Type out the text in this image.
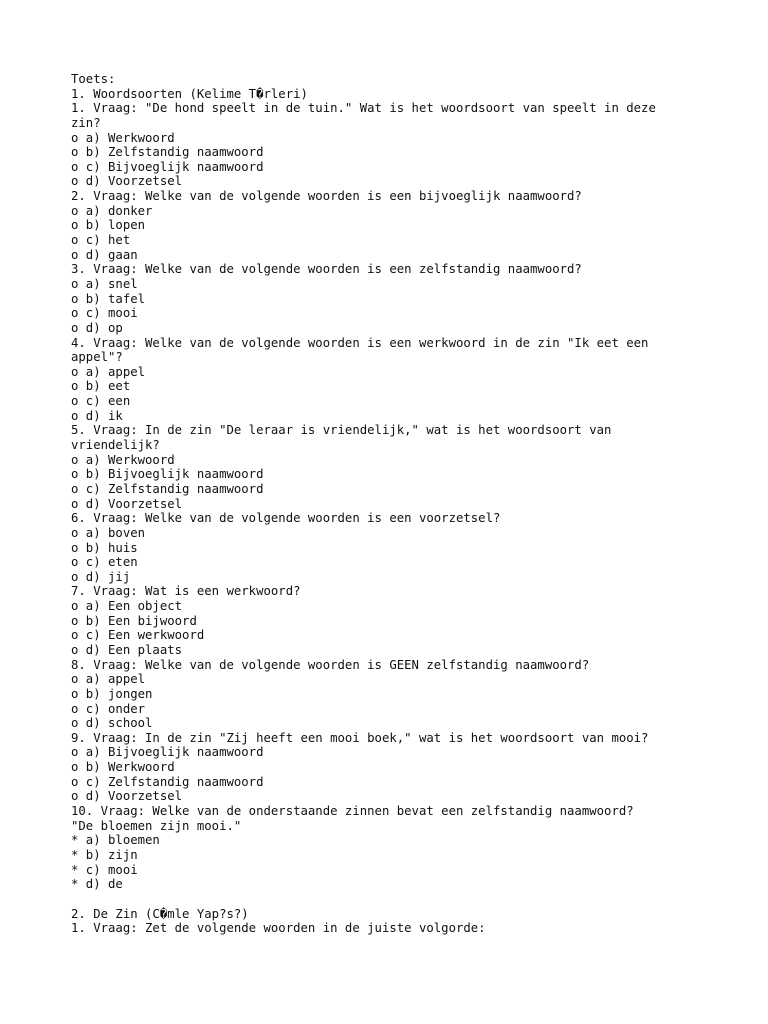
Toets:
1. Woordsoorten (Kelime T�rleri)
1. Vraag: "De hond speelt in de tuin." Wat is het woordsoort van speelt in deze
zin?
o a) Werkwoord
o b) Zelfstandig naamwoord
o c) Bijvoeglijk naamwoord
o d) Voorzetsel
2. Vraag: Welke van de volgende woorden is een bijvoeglijk naamwoord?
o a) donker
o b) lopen
o c) het
o d) gaan
3. Vraag: Welke van de volgende woorden is een zelfstandig naamwoord?
o a) snel
o b) tafel
o c) mooi
o d) op
4. Vraag: Welke van de volgende woorden is een werkwoord in de zin "Ik eet een
appel"?
o a) appel
o b) eet
o c) een
o d) ik
5. Vraag: In de zin "De leraar is vriendelijk," wat is het woordsoort van
vriendelijk?
o a) Werkwoord
o b) Bijvoeglijk naamwoord
o c) Zelfstandig naamwoord
o d) Voorzetsel
6. Vraag: Welke van de volgende woorden is een voorzetsel?
o a) boven
o b) huis
o c) eten
o d) jij
7. Vraag: Wat is een werkwoord?
o a) Een object
o b) Een bijwoord
o c) Een werkwoord
o d) Een plaats
8. Vraag: Welke van de volgende woorden is GEEN zelfstandig naamwoord?
o a) appel
o b) jongen
o c) onder
o d) school
9. Vraag: In de zin "Zij heeft een mooi boek," wat is het woordsoort van mooi?
o a) Bijvoeglijk naamwoord
o b) Werkwoord
o c) Zelfstandig naamwoord
o d) Voorzetsel
10. Vraag: Welke van de onderstaande zinnen bevat een zelfstandig naamwoord?
"De bloemen zijn mooi."
* a) bloemen
* b) zijn
* c) mooi
* d) de
2. De Zin (C�mle Yap?s?)
1. Vraag: Zet de volgende woorden in de juiste volgorde:
